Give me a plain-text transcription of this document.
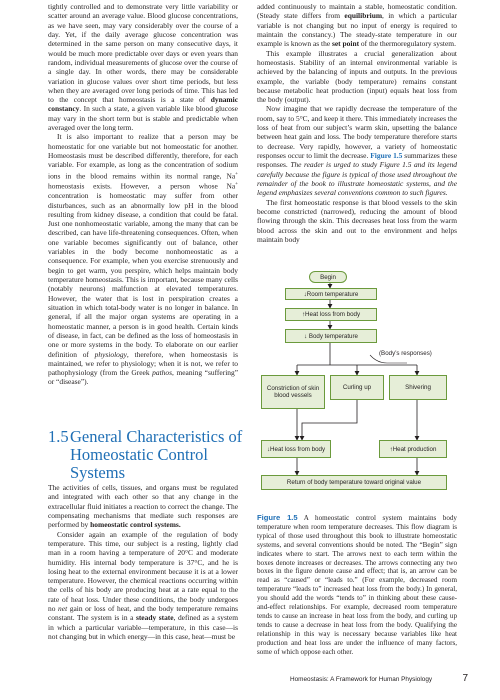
tightly controlled and to demonstrate very little variability or scatter around an average value. Blood glucose concentrations, as we have seen, may vary considerably over the course of a day. Yet, if the daily average glucose concentration was determined in the same person on many consecutive days, it would be much more predictable over days or even years than random, individual measurements of glucose over the course of a single day. In other words, there may be considerable variation in glucose values over short time periods, but less when they are averaged over long periods of time. This has led to the concept that homeostasis is a state of dynamic constancy. In such a state, a given variable like blood glucose may vary in the short term but is stable and predictable when averaged over the long term.

It is also important to realize that a person may be homeostatic for one variable but not homeostatic for another. Homeostasis must be described differently, therefore, for each variable. For example, as long as the concentration of sodium ions in the blood remains within its normal range, Na+ homeostasis exists. However, a person whose Na+ concentration is homeostatic may suffer from other disturbances, such as an abnormally low pH in the blood resulting from kidney disease, a condition that could be fatal. Just one nonhomeostatic variable, among the many that can be described, can have life-threatening consequences. Often, when one variable becomes significantly out of balance, other variables in the body become nonhomeostatic as a consequence. For example, when you exercise strenuously and begin to get warm, you perspire, which helps maintain body temperature homeostasis. This is important, because many cells (notably neurons) malfunction at elevated temperatures. However, the water that is lost in perspiration creates a situation in which total-body water is no longer in balance. In general, if all the major organ systems are operating in a homeostatic manner, a person is in good health. Certain kinds of disease, in fact, can be defined as the loss of homeostasis in one or more systems in the body. To elaborate on our earlier definition of physiology, therefore, when homeostasis is maintained, we refer to physiology; when it is not, we refer to pathophysiology (from the Greek pathos, meaning “suffering” or “disease”).

1.5General Characteristics of
Homeostatic Control Systems

The activities of cells, tissues, and organs must be regulated and integrated with each other so that any change in the extracellular fluid initiates a reaction to correct the change. The compensating mechanisms that mediate such responses are performed by homeostatic control systems.

Consider again an example of the regulation of body temperature. This time, our subject is a resting, lightly clad man in a room having a temperature of 20°C and moderate humidity. His internal body temperature is 37°C, and he is losing heat to the external environment because it is at a lower temperature. However, the chemical reactions occurring within the cells of his body are producing heat at a rate equal to the rate of heat loss. Under these conditions, the body undergoes no net gain or loss of heat, and the body temperature remains constant. The system is in a steady state, defined as a system in which a particular variable—temperature, in this case—is not changing but in which energy—in this case, heat—must be

added continuously to maintain a stable, homeostatic condition. (Steady state differs from equilibrium, in which a particular variable is not changing but no input of energy is required to maintain the constancy.) The steady-state temperature in our example is known as the set point of the thermoregulatory system.

This example illustrates a crucial generalization about homeostasis. Stability of an internal environmental variable is achieved by the balancing of inputs and outputs. In the previous example, the variable (body temperature) remains constant because metabolic heat production (input) equals heat loss from the body (output).

Now imagine that we rapidly decrease the temperature of the room, say to 5°C, and keep it there. This immediately increases the loss of heat from our subject’s warm skin, upsetting the balance between heat gain and loss. The body temperature therefore starts to decrease. Very rapidly, however, a variety of homeostatic responses occur to limit the decrease. Figure 1.5 summarizes these responses. The reader is urged to study Figure 1.5 and its legend carefully because the figure is typical of those used throughout the remainder of the book to illustrate homeostatic systems, and the legend emphasizes several conventions common to such figures.

The first homeostatic response is that blood vessels to the skin become constricted (narrowed), reducing the amount of blood flowing through the skin. This decreases heat loss from the warm blood across the skin and out to the environment and helps maintain body

Begin
↓Room temperature
↑Heat loss from body
↓ Body temperature
(Body’s responses)
Constriction of skin blood vessels
Curling up	Shivering
↓Heat loss from body	↑Heat production
Return of body temperature toward original value
Figure 1.5 A homeostatic control system maintains body temperature when room temperature decreases. This flow diagram is typical of those used throughout this book to illustrate homeostatic systems, and several conventions should be noted. The “Begin” sign indicates where to start. The arrows next to each term within the boxes denote increases or decreases. The arrows connecting any two boxes in the figure denote cause and effect; that is, an arrow can be read as “caused” or “leads to.” (For example, decreased room temperature “leads to” increased heat loss from the body.) In general, you should add the words “tends to” in thinking about these cause-and-effect relationships. For example, decreased room temperature tends to cause an increase in heat loss from the body, and curling up tends to cause a decrease in heat loss from the body. Qualifying the relationship in this way is necessary because variables like heat production and heat loss are under the influence of many factors, some of which oppose each other.
Homeostasis: A Framework for Human Physiology	7
